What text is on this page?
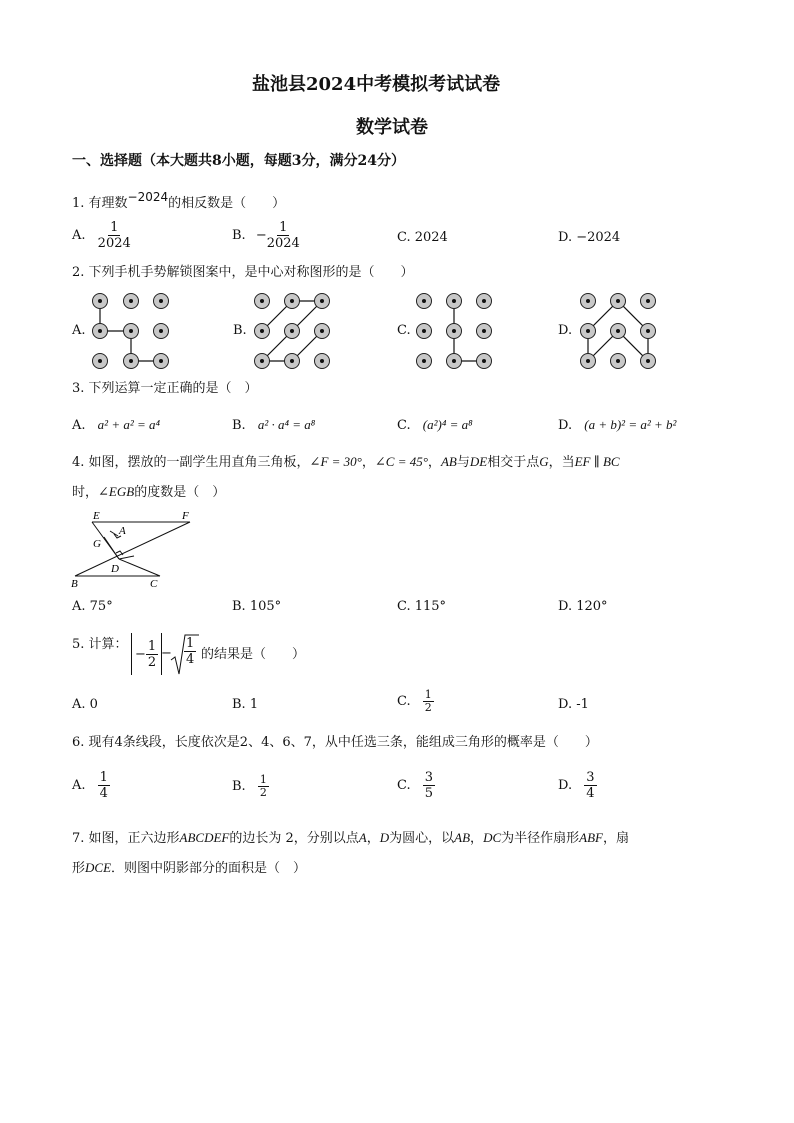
盐池县2024中考模拟考试试卷
数学试卷
一、选择题（本大题共8小题，每题3分，满分24分）
1. 有理数−2024的相反数是（　　）
A. $\frac{1}{2024}$	B. − $\frac{1}{2024}$	C. 2024	D. −2024
2. 下列手机手势解锁图案中，是中心对称图形的是（　　）
A.	B.	C.	D.
3. 下列运算一定正确的是（　）
A. a² + a² = a⁴	B. a² · a⁴ = a⁸	C. (a²)⁴ = a⁸	D. (a + b)² = a² + b²
4. 如图，摆放的一副学生用直角三角板，∠F = 30°，∠C = 45°，AB与DE相交于点G，当EF ∥ BC
时，∠EGB的度数是（　）
E	F
A
G
D
B	C
A. 75°	B. 105°	C. 115°	D. 120°
5. 计算：
− $\frac{1}{2} - \frac{1}{4}$ 的结果是（　　）
A. 0	B. 1	C. $\frac{1}{2}$	D. -1
6. 现有4条线段，长度依次是2、4、6、7，从中任选三条，能组成三角形的概率是（　　）
A. $\frac{1}{4}$	B. $\frac{1}{2}$	C. $\frac{3}{5}$	D. $\frac{3}{4}$
7. 如图，正六边形ABCDEF的边长为 2，分别以点A，D为圆心，以AB，DC为半径作扇形ABF，扇
形DCE．则图中阴影部分的面积是（　）
